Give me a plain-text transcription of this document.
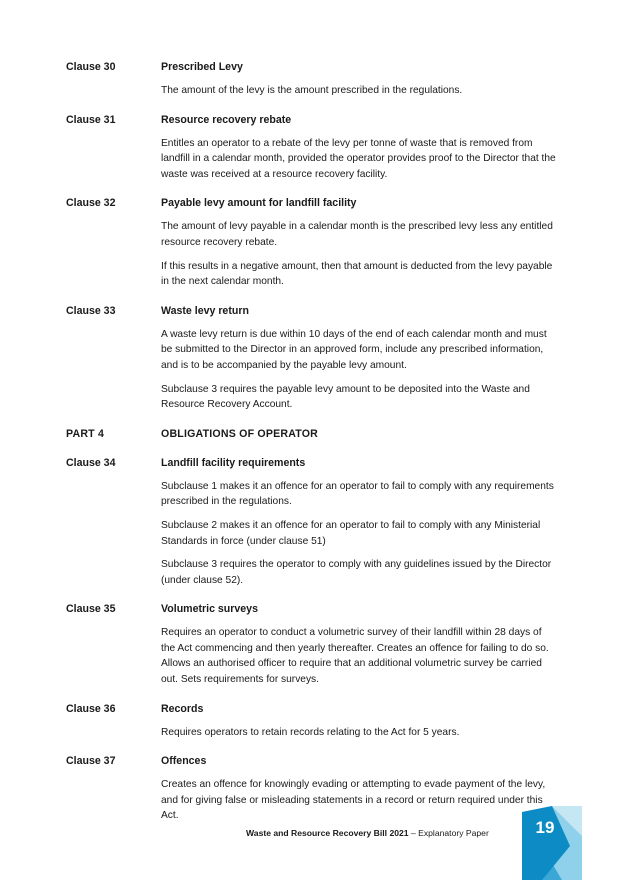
Clause 30	Prescribed Levy

The amount of the levy is the amount prescribed in the regulations.

Clause 31	Resource recovery rebate

Entitles an operator to a rebate of the levy per tonne of waste that is removed from landfill in a calendar month, provided the operator provides proof to the Director that the waste was received at a resource recovery facility.

Clause 32	Payable levy amount for landfill facility

The amount of levy payable in a calendar month is the prescribed levy less any entitled resource recovery rebate.

If this results in a negative amount, then that amount is deducted from the levy payable in the next calendar month.

Clause 33	Waste levy return

A waste levy return is due within 10 days of the end of each calendar month and must be submitted to the Director in an approved form, include any prescribed information, and is to be accompanied by the payable levy amount.

Subclause 3 requires the payable levy amount to be deposited into the Waste and Resource Recovery Account.

PART 4	OBLIGATIONS OF OPERATOR
Clause 34	Landfill facility requirements

Subclause 1 makes it an offence for an operator to fail to comply with any requirements prescribed in the regulations.

Subclause 2 makes it an offence for an operator to fail to comply with any Ministerial Standards in force (under clause 51)

Subclause 3 requires the operator to comply with any guidelines issued by the Director (under clause 52).

Clause 35	Volumetric surveys

Requires an operator to conduct a volumetric survey of their landfill within 28 days of the Act commencing and then yearly thereafter. Creates an offence for failing to do so. Allows an authorised officer to require that an additional volumetric survey be carried out. Sets requirements for surveys.

Clause 36	Records

Requires operators to retain records relating to the Act for 5 years.

Clause 37	Offences

Creates an offence for knowingly evading or attempting to evade payment of the levy, and for giving false or misleading statements in a record or return required under this Act.

Waste and Resource Recovery Bill 2021 – Explanatory Paper	19
